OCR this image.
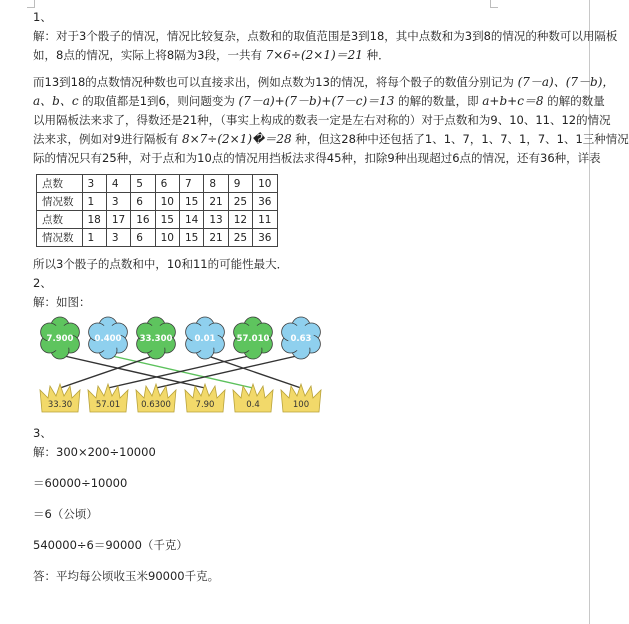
1、
解：对于3个骰子的情况，情况比较复杂，点数和的取值范围是3到18，其中点数和为3到8的情况的种数可以用隔板
如，8点的情况，实际上将8隔为3段，一共有 7×6÷(2×1)＝21 种．
而13到18的点数情况种数也可以直接求出，例如点数为13的情况，将每个骰子的数值分别记为 (7－a)、(7－b)，
a、b、c 的取值都是1到6，则问题变为 (7－a)+(7－b)+(7－c)＝13 的解的数量，即 a+b+c＝8 的解的数量
以用隔板法来求了，得数还是21种，（事实上构成的数表一定是左右对称的）对于点数和为9、10、11、12的情况
法来求，例如对9进行隔板有 8×7÷(2×1)�＝28 种，但这28种中还包括了1、1、7，1、7、1，7、1、1三种情况
际的情况只有25种，对于点和为10点的情况用挡板法求得45种，扣除9种出现超过6点的情况，还有36种，详表
点数	3	4	5	6	7	8	9	10
情况数	1	3	6	10	15	21	25	36
点数	18	17	16	15	14	13	12	11
情况数	1	3	6	10	15	21	25	36
所以3个骰子的点数和中，10和11的可能性最大．
2、
解：如图：
7.900 0.400 33.300	0.01 57.010 0.63
33.30	57.01 0.6300	7.90	0.4	100
3、
解：300×200÷10000
＝60000÷10000
＝6（公顷）
540000÷6＝90000（千克）
答：平均每公顷收玉米90000千克。
